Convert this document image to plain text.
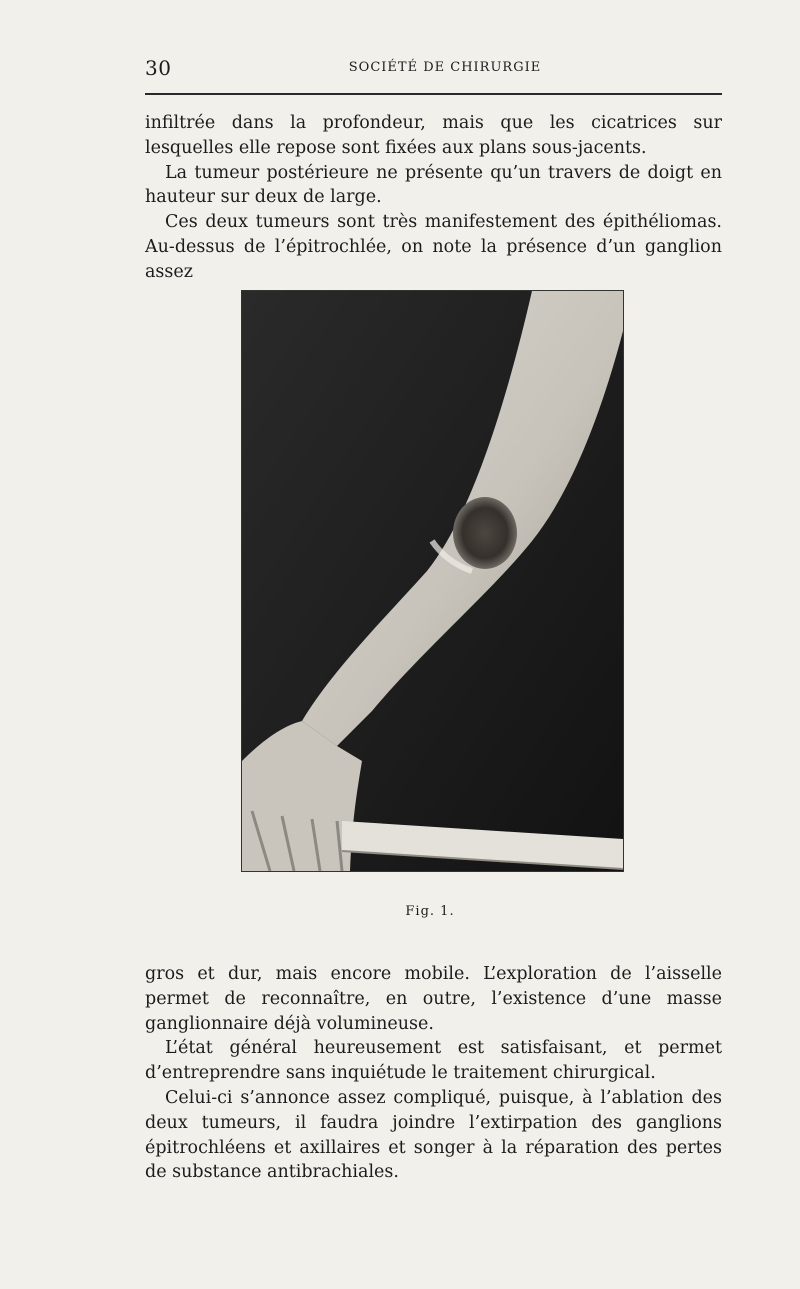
30	SOCIÉTÉ DE CHIRURGIE

infiltrée dans la profondeur, mais que les cicatrices sur lesquelles elle repose sont fixées aux plans sous-jacents.

La tumeur postérieure ne présente qu’un travers de doigt en hauteur sur deux de large.

Ces deux tumeurs sont très manifestement des épithéliomas. Au-dessus de l’épitrochlée, on note la présence d’un ganglion assez

Fig. 1.

gros et dur, mais encore mobile. L’exploration de l’aisselle permet de reconnaître, en outre, l’existence d’une masse ganglionnaire déjà volumineuse.

L’état général heureusement est satisfaisant, et permet d’entreprendre sans inquiétude le traitement chirurgical.

Celui-ci s’annonce assez compliqué, puisque, à l’ablation des deux tumeurs, il faudra joindre l’extirpation des ganglions épitrochléens et axillaires et songer à la réparation des pertes de substance antibrachiales.
